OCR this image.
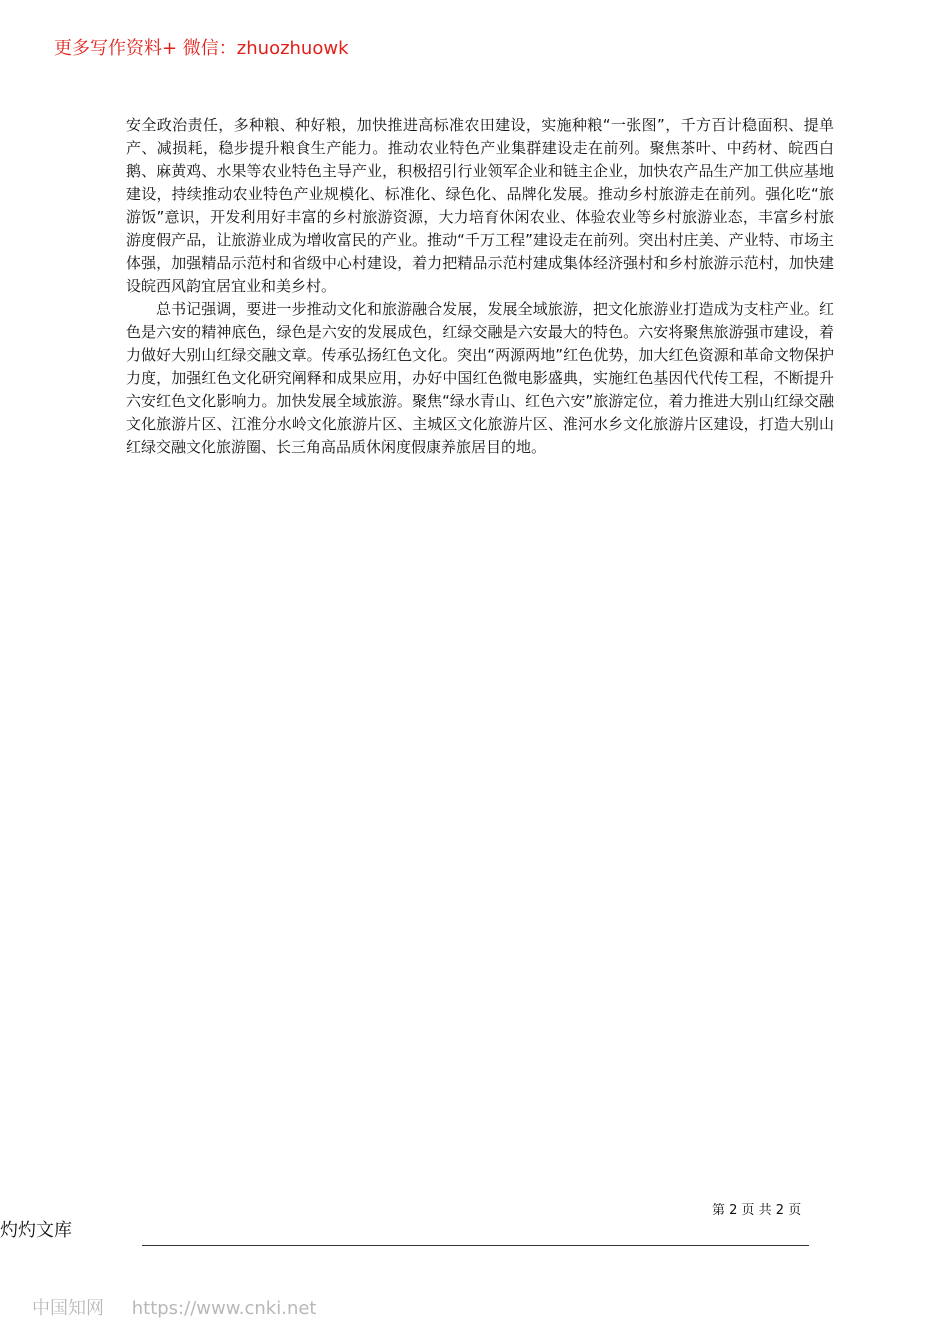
更多写作资料+ 微信：zhuozhuowk

安全政治责任，多种粮、种好粮，加快推进高标准农田建设，实施种粮“一张图”，千方百计稳面积、提单产、减损耗，稳步提升粮食生产能力。推动农业特色产业集群建设走在前列。聚焦茶叶、中药材、皖西白鹅、麻黄鸡、水果等农业特色主导产业，积极招引行业领军企业和链主企业，加快农产品生产加工供应基地建设，持续推动农业特色产业规模化、标准化、绿色化、品牌化发展。推动乡村旅游走在前列。强化吃“旅游饭”意识，开发利用好丰富的乡村旅游资源，大力培育休闲农业、体验农业等乡村旅游业态，丰富乡村旅游度假产品，让旅游业成为增收富民的产业。推动“千万工程”建设走在前列。突出村庄美、产业特、市场主体强，加强精品示范村和省级中心村建设，着力把精品示范村建成集体经济强村和乡村旅游示范村，加快建设皖西风韵宜居宜业和美乡村。

总书记强调，要进一步推动文化和旅游融合发展，发展全域旅游，把文化旅游业打造成为支柱产业。红色是六安的精神底色，绿色是六安的发展成色，红绿交融是六安最大的特色。六安将聚焦旅游强市建设，着力做好大别山红绿交融文章。传承弘扬红色文化。突出“两源两地”红色优势，加大红色资源和革命文物保护力度，加强红色文化研究阐释和成果应用，办好中国红色微电影盛典，实施红色基因代代传工程，不断提升六安红色文化影响力。加快发展全域旅游。聚焦“绿水青山、红色六安”旅游定位，着力推进大别山红绿交融文化旅游片区、江淮分水岭文化旅游片区、主城区文化旅游片区、淮河水乡文化旅游片区建设，打造大别山红绿交融文化旅游圈、长三角高品质休闲度假康养旅居目的地。

第 2 页 共 2 页
灼灼文库
中国知网 https://www.cnki.net
